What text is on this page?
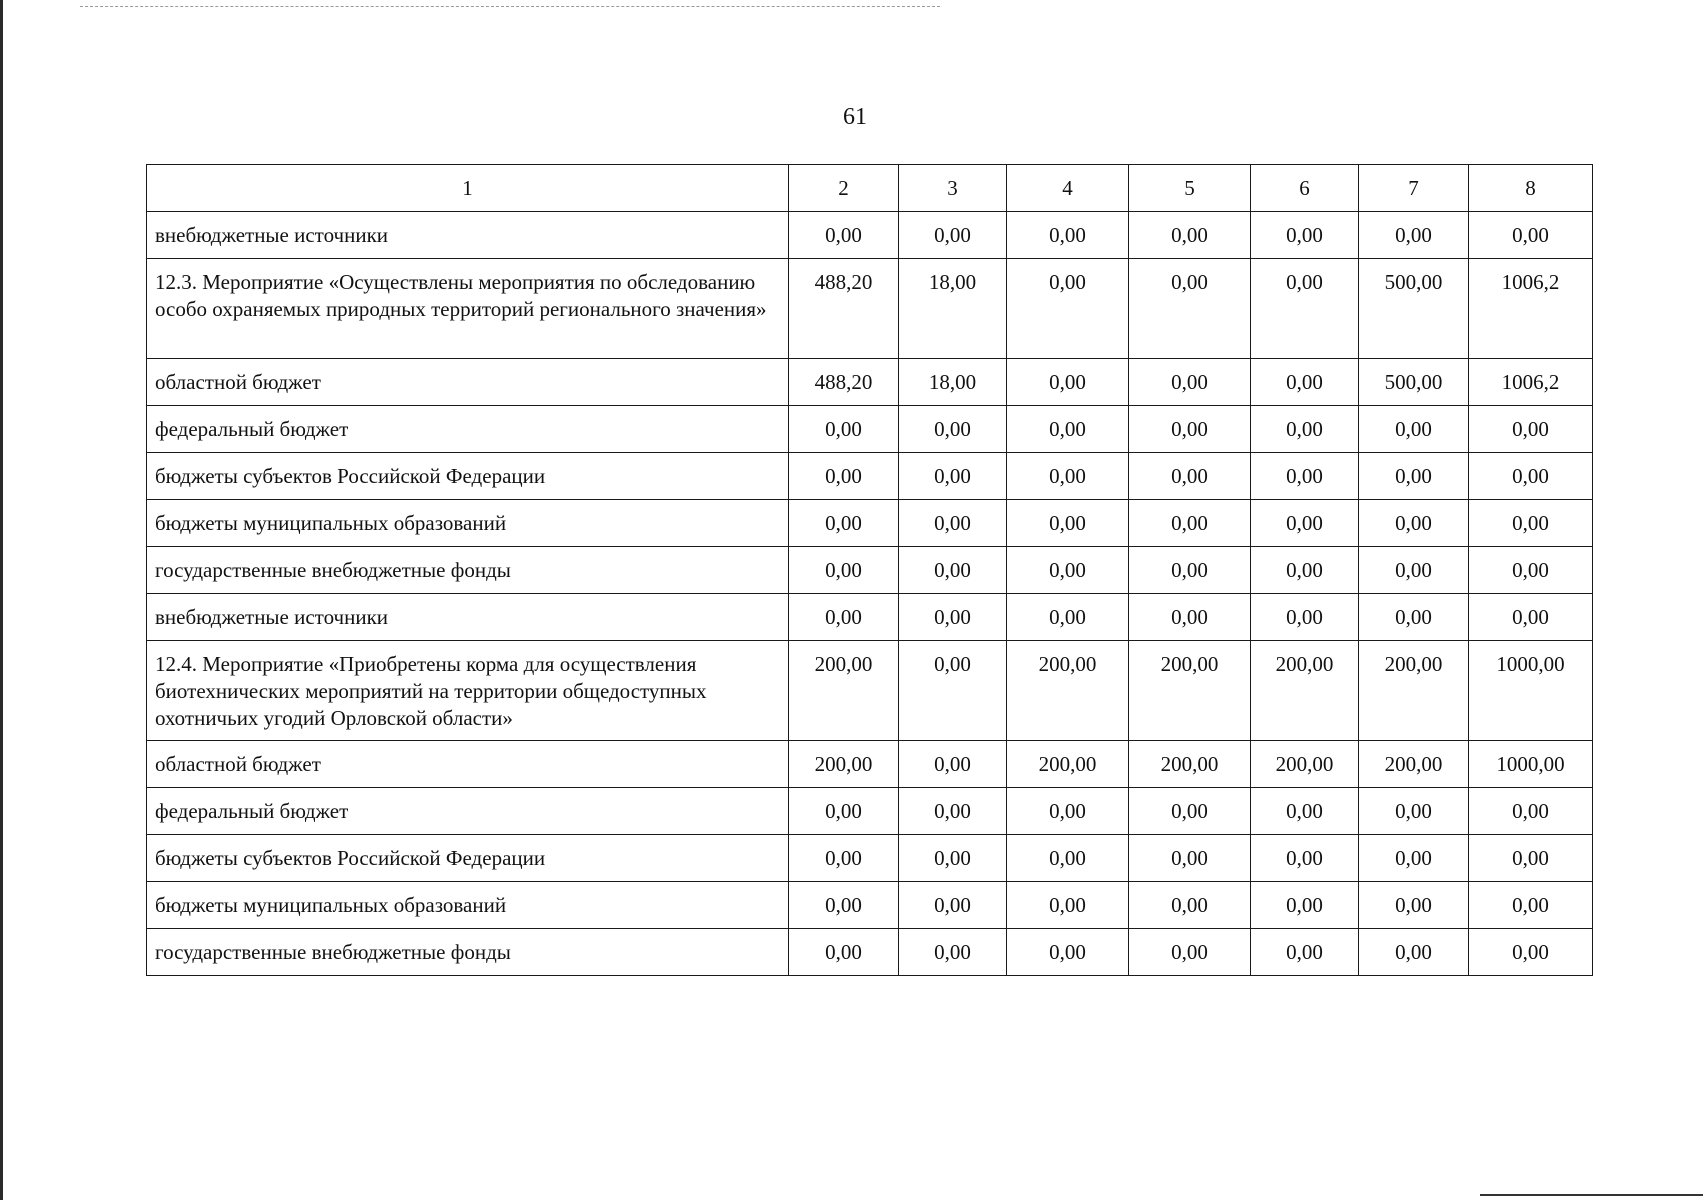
61
1	2	3	4	5	6	7	8

внебюджетные источники	0,00	0,00	0,00	0,00	0,00	0,00	0,00

12.3. Мероприятие «Осуществлены мероприятия по обследованию особо охраняемых природных территорий регионального значения»	488,20	18,00	0,00	0,00	0,00	500,00	1006,2

областной бюджет	488,20	18,00	0,00	0,00	0,00	500,00	1006,2

федеральный бюджет	0,00	0,00	0,00	0,00	0,00	0,00	0,00

бюджеты субъектов Российской Федерации	0,00	0,00	0,00	0,00	0,00	0,00	0,00

бюджеты муниципальных образований	0,00	0,00	0,00	0,00	0,00	0,00	0,00

государственные внебюджетные фонды	0,00	0,00	0,00	0,00	0,00	0,00	0,00

внебюджетные источники	0,00	0,00	0,00	0,00	0,00	0,00	0,00

12.4. Мероприятие «Приобретены корма для осуществления биотехнических мероприятий на территории общедоступных охотничьих угодий Орловской области»	200,00	0,00	200,00	200,00	200,00	200,00	1000,00

областной бюджет	200,00	0,00	200,00	200,00	200,00	200,00	1000,00

федеральный бюджет	0,00	0,00	0,00	0,00	0,00	0,00	0,00

бюджеты субъектов Российской Федерации	0,00	0,00	0,00	0,00	0,00	0,00	0,00

бюджеты муниципальных образований	0,00	0,00	0,00	0,00	0,00	0,00	0,00

государственные внебюджетные фонды	0,00	0,00	0,00	0,00	0,00	0,00	0,00
